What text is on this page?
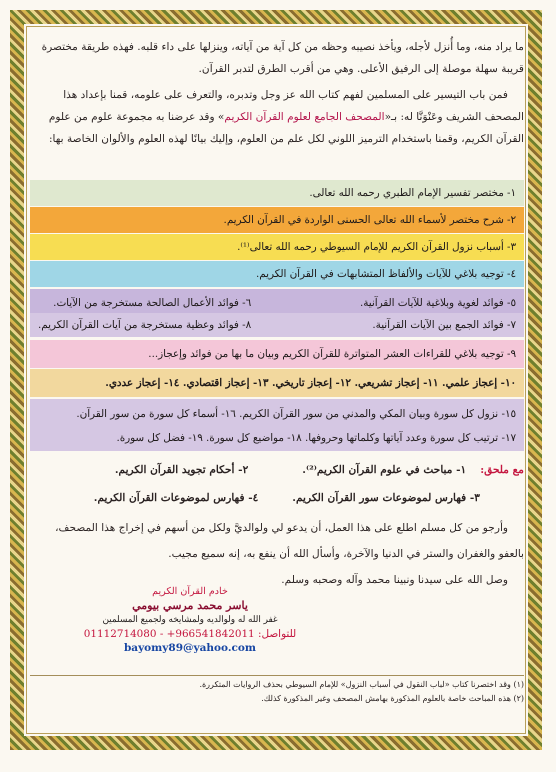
ما يراد منه، وما أُنزل لأجله، ويأخذ نصيبه وحظه من كل آية من آياته، وينزلها على داء قلبه. فهذه طريقة مختصرة

قريبة سهلة موصلة إلى الرفيق الأعلى. وهي من أقرب الطرق لتدبر القرآن.

فمن باب التيسير على المسلمين لفهم كتاب الله عز وجل وتدبره، والتعرف على علومه، قمنا بإعداد هذا

المصحف الشريف وعَنْوَنَّا له: بـ«المصحف الجامع لعلوم القرآن الكريم» وقد عرضنا به مجموعة علوم من علوم

القرآن الكريم، وقمنا باستخدام الترميز اللوني لكل علم من العلوم، وإليك بيانًا لهذه العلوم والألوان الخاصة بها:

١- مختصر تفسير الإمام الطبري رحمه الله تعالى.
٢- شرح مختصر لأسماء الله تعالى الحسنى الواردة في القرآن الكريم.
٣- أسباب نزول القرآن الكريم للإمام السيوطي رحمه الله تعالى⁽¹⁾.
٤- توجيه بلاغي للآيات والألفاظ المتشابهات في القرآن الكريم.
٥- فوائد لغوية وبلاغية للآيات القرآنية.
٧- فوائد الجمع بين الآيات القرآنية.
٦- فوائد الأعمال الصالحة مستخرجة من الآيات.
٨- فوائد وعظية مستخرجة من آيات القرآن الكريم.
٩- توجيه بلاغي للقراءات العشر المتواترة للقرآن الكريم وبيان ما بها من فوائد وإعجاز...
١٠- إعجاز علمي. ١١- إعجاز تشريعي. ١٢- إعجاز تاريخي. ١٣- إعجاز اقتصادي. ١٤- إعجاز عددي.
١٥- نزول كل سورة وبيان المكي والمدني من سور القرآن الكريم. ١٦- أسماء كل سورة من سور القرآن.
١٧- ترتيب كل سورة وعدد آياتها وكلماتها وحروفها. ١٨- مواضيع كل سورة. ١٩- فضل كل سورة.
مع ملحق:
١- مباحث في علوم القرآن الكريم⁽²⁾.
٢- أحكام تجويد القرآن الكريم.
٣- فهارس لموضوعات سور القرآن الكريم.
٤- فهارس لموضوعات القرآن الكريم.

وأرجو من كل مسلم اطلع على هذا العمل، أن يدعو لي ولوالديَّ ولكل من أسهم في إخراج هذا المصحف،

بالعفو والغفران والستر في الدنيا والآخرة، وأسأل الله أن ينفع به، إنه سميع مجيب.

وصل الله على سيدنا ونبينا محمد وآله وصحبه وسلم.

خادم القرآن الكريم
ياسر محمد مرسي بيومي
غفر الله له ولوالديه ولمشايخه ولجميع المسلمين
للتواصل: 01112714080 - +966541842011
bayomy89@yahoo.com
(١) وقد اختصرنا كتاب «لباب النقول في أسباب النزول» للإمام السيوطي بحذف الروايات المتكررة.
(٢) هذه المباحث خاصة بالعلوم المذكورة بهامش المصحف وغير المذكورة كذلك.
